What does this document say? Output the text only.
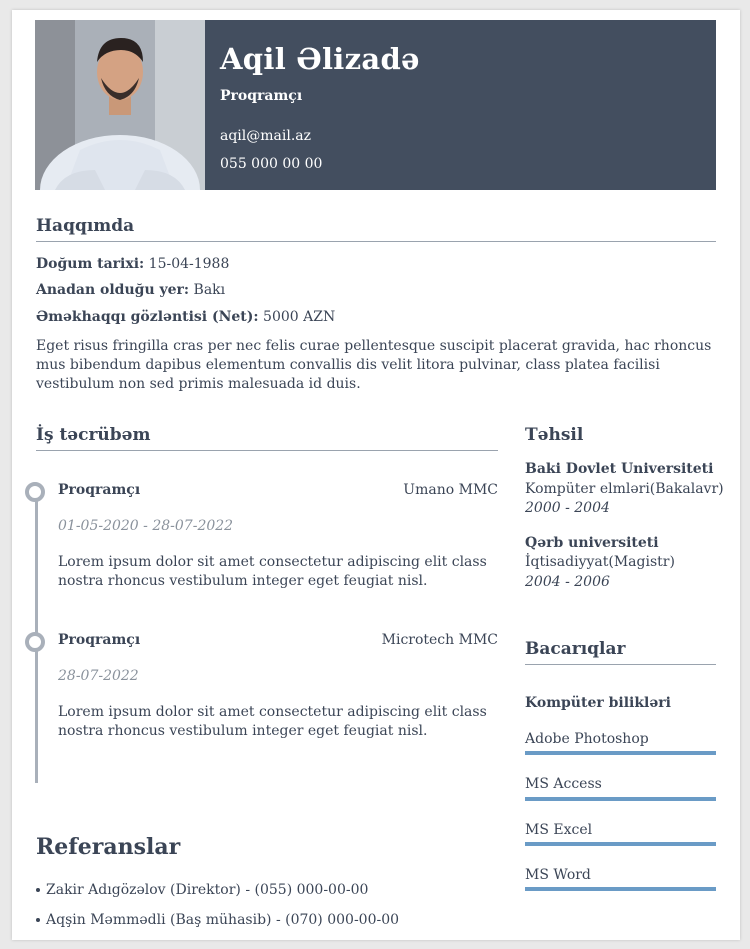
Aqil Əlizadə
Proqramçı
aqil@mail.az
055 000 00 00
Haqqımda
Doğum tarixi: 15-04-1988
Anadan olduğu yer: Bakı
Əməkhaqqı gözləntisi (Net): 5000 AZN
Eget risus fringilla cras per nec felis curae pellentesque suscipit placerat gravida, hac rhoncus mus bibendum dapibus elementum convallis dis velit litora pulvinar, class platea facilisi vestibulum non sed primis malesuada id duis.
İş təcrübəm
Proqramçı	Umano MMC
01-05-2020 - 28-07-2022
Lorem ipsum dolor sit amet consectetur adipiscing elit class nostra rhoncus vestibulum integer eget feugiat nisl.
Proqramçı	Microtech MMC
28-07-2022
Lorem ipsum dolor sit amet consectetur adipiscing elit class nostra rhoncus vestibulum integer eget feugiat nisl.
Referanslar
Zakir Adıgözəlov (Direktor) - (055) 000-00-00
Aqşin Məmmədli (Baş mühasib) - (070) 000-00-00
Təhsil
Baki Dovlet Universiteti
Kompüter elmləri(Bakalavr)
2000 - 2004
Qərb universiteti
İqtisadiyyat(Magistr)
2004 - 2006
Bacarıqlar
Kompüter bilikləri
Adobe Photoshop
MS Access
MS Excel
MS Word
